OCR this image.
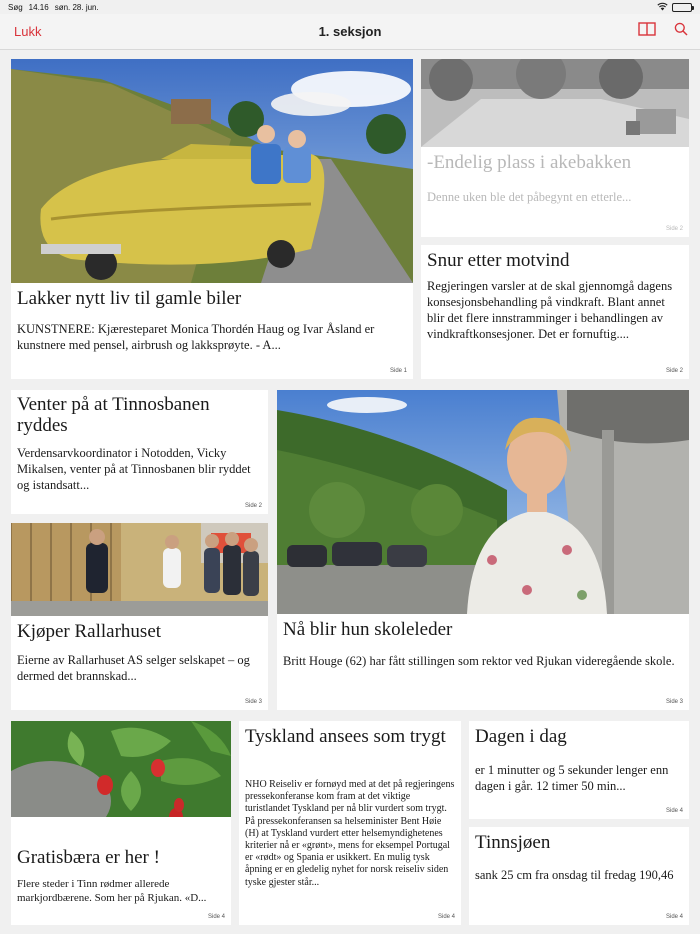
Søg 14.16 søn. 28. jun.
Lukk	1. seksjon
Lakker nytt liv til gamle biler

KUNSTNERE: Kjæresteparet Monica Thordén Haug og Ivar Åsland er kunstnere med pensel, airbrush og lakksprøyte. - A...

Side 1
-Endelig plass i akebakken

Denne uken ble det påbegynt en etterle...

Side 2
Snur etter motvind

Regjeringen varsler at de skal gjennomgå dagens konsesjonsbehandling på vindkraft. Blant annet blir det flere innstramminger i behandlingen av vindkraftkonsesjoner. Det er fornuftig....

Side 2
Venter på at Tinnosbanen ryddes

Verdensarvkoordinator i Notodden, Vicky Mikalsen, venter på at Tinnosbanen blir ryddet og istandsatt...

Side 2
Nå blir hun skoleleder

Britt Houge (62) har fått stillingen som rektor ved Rjukan videregående skole.

Side 3
Kjøper Rallarhuset

Eierne av Rallarhuset AS selger selskapet – og dermed det brannskad...

Side 3
Gratisbæra er her !

Flere steder i Tinn rødmer allerede markjordbærene. Som her på Rjukan. «D...

Side 4
Tyskland ansees som trygt

NHO Reiseliv er fornøyd med at det på regjeringens pressekonferanse kom fram at det viktige turistlandet Tyskland per nå blir vurdert som trygt. På pressekonferansen sa helseminister Bent Høie (H) at Tyskland vurdert etter helsemyndighetenes kriterier nå er «grønt», mens for eksempel Portugal er «rødt» og Spania er usikkert. En mulig tysk åpning er en gledelig nyhet for norsk reiseliv siden tyske gjester står...

Side 4
Dagen i dag

er 1 minutter og 5 sekunder lenger enn dagen i går. 12 timer 50 min...

Side 4
Tinnsjøen

sank 25 cm fra onsdag til fredag 190,46

Side 4
